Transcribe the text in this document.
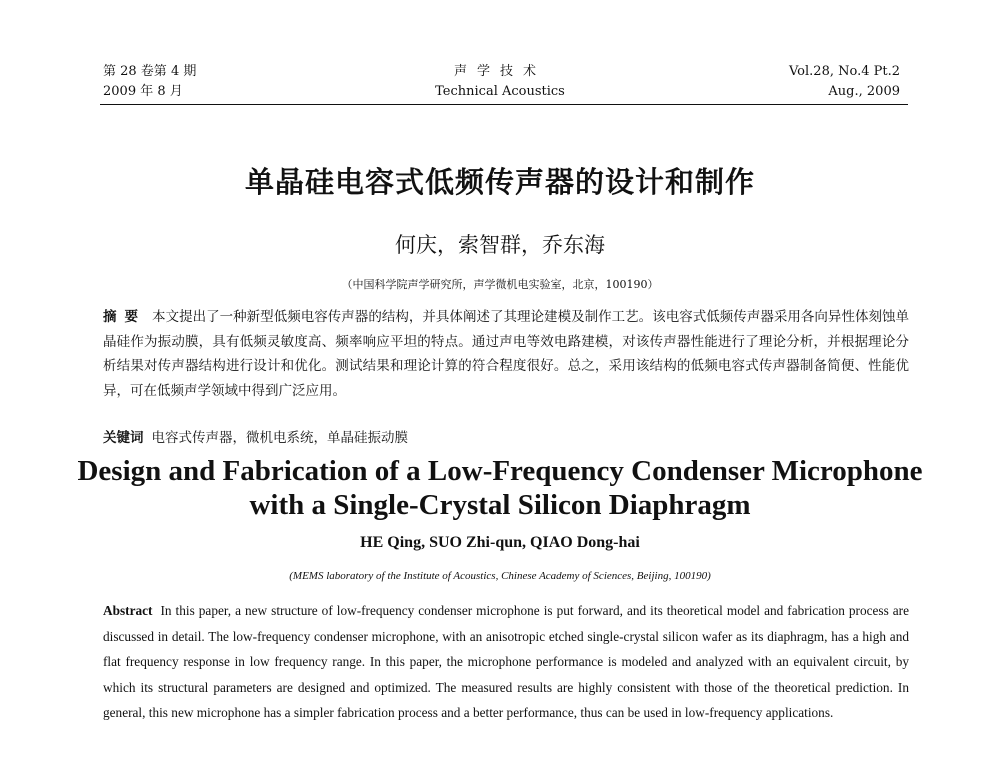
第 28 卷第 4 期
2009 年 8 月
声学技术
Technical Acoustics
Vol.28, No.4 Pt.2
Aug., 2009
单晶硅电容式低频传声器的设计和制作
何庆，索智群，乔东海
（中国科学院声学研究所，声学微机电实验室，北京，100190）
摘要 本文提出了一种新型低频电容传声器的结构，并具体阐述了其理论建模及制作工艺。该电容式低频传声器采用各向异性体刻蚀单晶硅作为振动膜，具有低频灵敏度高、频率响应平坦的特点。通过声电等效电路建模，对该传声器性能进行了理论分析，并根据理论分析结果对传声器结构进行设计和优化。测试结果和理论计算的符合程度很好。总之，采用该结构的低频电容式传声器制备简便、性能优异，可在低频声学领域中得到广泛应用。
关键词 电容式传声器，微机电系统，单晶硅振动膜
Design and Fabrication of a Low-Frequency Condenser Microphone
with a Single-Crystal Silicon Diaphragm
HE Qing, SUO Zhi-qun, QIAO Dong-hai
(MEMS laboratory of the Institute of Acoustics, Chinese Academy of Sciences, Beijing, 100190)
Abstract In this paper, a new structure of low-frequency condenser microphone is put forward, and its theoretical model and fabrication process are discussed in detail. The low-frequency condenser microphone, with an anisotropic etched single-crystal silicon wafer as its diaphragm, has a high and flat frequency response in low frequency range. In this paper, the microphone performance is modeled and analyzed with an equivalent circuit, by which its structural parameters are designed and optimized. The measured results are highly consistent with those of the theoretical prediction. In general, this new microphone has a simpler fabrication process and a better performance, thus can be used in low-frequency applications.
